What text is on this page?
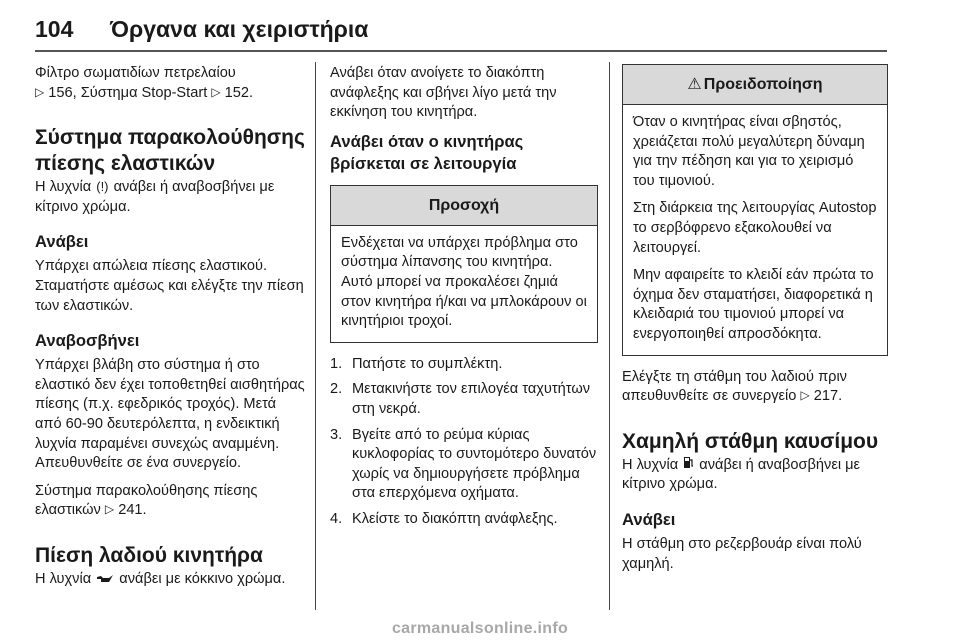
104	Όργανα και χειριστήρια

Φίλτρο σωματιδίων πετρελαίου
▷ 156, Σύστημα Stop-Start ▷ 152.

Σύστημα παρακολούθησης πίεσης ελαστικών

Η λυχνία (!) ανάβει ή αναβοσβήνει με κίτρινο χρώμα.

Ανάβει

Υπάρχει απώλεια πίεσης ελαστικού. Σταματήστε αμέσως και ελέγξτε την πίεση των ελαστικών.

Αναβοσβήνει

Υπάρχει βλάβη στο σύστημα ή στο ελαστικό δεν έχει τοποθετηθεί αισθητήρας πίεσης (π.χ. εφεδρικός τροχός). Μετά από 60-90 δευτερόλεπτα, η ενδεικτική λυχνία παραμένει συνεχώς αναμμένη. Απευθυνθείτε σε ένα συνεργείο.

Σύστημα παρακολούθησης πίεσης ελαστικών ▷ 241.

Πίεση λαδιού κινητήρα

Η λυχνία ανάβει με κόκκινο χρώμα.

Ανάβει όταν ανοίγετε το διακόπτη ανάφλεξης και σβήνει λίγο μετά την εκκίνηση του κινητήρα.

Ανάβει όταν ο κινητήρας βρίσκεται σε λειτουργία
Προσοχή

Ενδέχεται να υπάρχει πρόβλημα στο σύστημα λίπανσης του κινητήρα. Αυτό μπορεί να προκαλέσει ζημιά στον κινητήρα ή/και να μπλοκάρουν οι κινητήριοι τροχοί.

1. Πατήστε το συμπλέκτη.
2. Μετακινήστε τον επιλογέα ταχυτήτων στη νεκρά.
3. Βγείτε από το ρεύμα κύριας κυκλοφορίας το συντομότερο δυνατόν χωρίς να δημιουργήσετε πρόβλημα στα επερχόμενα οχήματα.
4. Κλείστε το διακόπτη ανάφλεξης.
⚠ Προειδοποίηση

Όταν ο κινητήρας είναι σβηστός, χρειάζεται πολύ μεγαλύτερη δύναμη για την πέδηση και για το χειρισμό του τιμονιού.

Στη διάρκεια της λειτουργίας Autostop το σερβόφρενο εξακολουθεί να λειτουργεί.

Μην αφαιρείτε το κλειδί εάν πρώτα το όχημα δεν σταματήσει, διαφορετικά η κλειδαριά του τιμονιού μπορεί να ενεργοποιηθεί απροσδόκητα.

Ελέγξτε τη στάθμη του λαδιού πριν απευθυνθείτε σε συνεργείο ▷ 217.

Χαμηλή στάθμη καυσίμου

Η λυχνία ανάβει ή αναβοσβήνει με κίτρινο χρώμα.

Ανάβει

Η στάθμη στο ρεζερβουάρ είναι πολύ χαμηλή.

carmanualsonline.info
